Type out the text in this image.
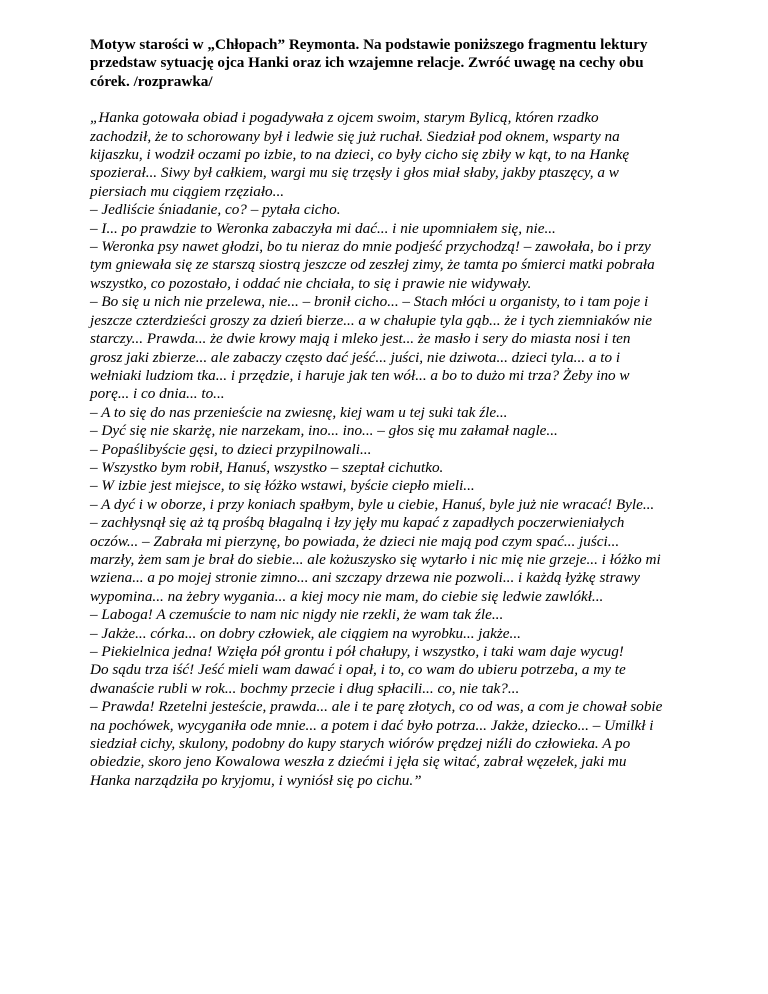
Motyw starości w „Chłopach” Reymonta. Na podstawie poniższego fragmentu lektury
przedstaw sytuację ojca Hanki oraz ich wzajemne relacje. Zwróć uwagę na cechy obu
córek. /rozprawka/
„Hanka gotowała obiad i pogadywała z ojcem swoim, starym Bylicą, któren rzadko
zachodził, że to schorowany był i ledwie się już ruchał. Siedział pod oknem, wsparty na
kijaszku, i wodził oczami po izbie, to na dzieci, co były cicho się zbiły w kąt, to na Hankę
spozierał... Siwy był całkiem, wargi mu się trzęsły i głos miał słaby, jakby ptaszęcy, a w
piersiach mu ciągiem rzęziało...
– Jedliście śniadanie, co? – pytała cicho.
– I... po prawdzie to Weronka zabaczyła mi dać... i nie upomniałem się, nie...
– Weronka psy nawet głodzi, bo tu nieraz do mnie podjeść przychodzą! – zawołała, bo i przy
tym gniewała się ze starszą siostrą jeszcze od zeszłej zimy, że tamta po śmierci matki pobrała
wszystko, co pozostało, i oddać nie chciała, to się i prawie nie widywały.
– Bo się u nich nie przelewa, nie... – bronił cicho... – Stach młóci u organisty, to i tam poje i
jeszcze czterdzieści groszy za dzień bierze... a w chałupie tyla gąb... że i tych ziemniaków nie
starczy... Prawda... że dwie krowy mają i mleko jest... że masło i sery do miasta nosi i ten
grosz jaki zbierze... ale zabaczy często dać jeść... juści, nie dziwota... dzieci tyla... a to i
wełniaki ludziom tka... i przędzie, i haruje jak ten wół... a bo to dużo mi trza? Żeby ino w
porę... i co dnia... to...
– A to się do nas przenieście na zwiesnę, kiej wam u tej suki tak źle...
– Dyć się nie skarżę, nie narzekam, ino... ino... – głos się mu załamał nagle...
– Popaślibyście gęsi, to dzieci przypilnowali...
– Wszystko bym robił, Hanuś, wszystko – szeptał cichutko.
– W izbie jest miejsce, to się łóżko wstawi, byście ciepło mieli...
– A dyć i w oborze, i przy koniach spałbym, byle u ciebie, Hanuś, byle już nie wracać! Byle...
– zachłysnął się aż tą prośbą błagalną i łzy jęły mu kapać z zapadłych poczerwieniałych
oczów... – Zabrała mi pierzynę, bo powiada, że dzieci nie mają pod czym spać... juści...
marzły, żem sam je brał do siebie... ale kożuszysko się wytarło i nic mię nie grzeje... i łóżko mi
wziena... a po mojej stronie zimno... ani szczapy drzewa nie pozwoli... i każdą łyżkę strawy
wypomina... na żebry wygania... a kiej mocy nie mam, do ciebie się ledwie zawlókł...
– Laboga! A czemuście to nam nic nigdy nie rzekli, że wam tak źle...
– Jakże... córka... on dobry człowiek, ale ciągiem na wyrobku... jakże...
– Piekielnica jedna! Wzięła pół grontu i pół chałupy, i wszystko, i taki wam daje wycug!
Do sądu trza iść! Jeść mieli wam dawać i opał, i to, co wam do ubieru potrzeba, a my te
dwanaście rubli w rok... bochmy przecie i dług spłacili... co, nie tak?...
– Prawda! Rzetelni jesteście, prawda... ale i te parę złotych, co od was, a com je chował sobie
na pochówek, wycyganiła ode mnie... a potem i dać było potrza... Jakże, dziecko... – Umilkł i
siedział cichy, skulony, podobny do kupy starych wiórów prędzej niźli do człowieka. A po
obiedzie, skoro jeno Kowalowa weszła z dziećmi i jęła się witać, zabrał węzełek, jaki mu
Hanka narządziła po kryjomu, i wyniósł się po cichu.”
